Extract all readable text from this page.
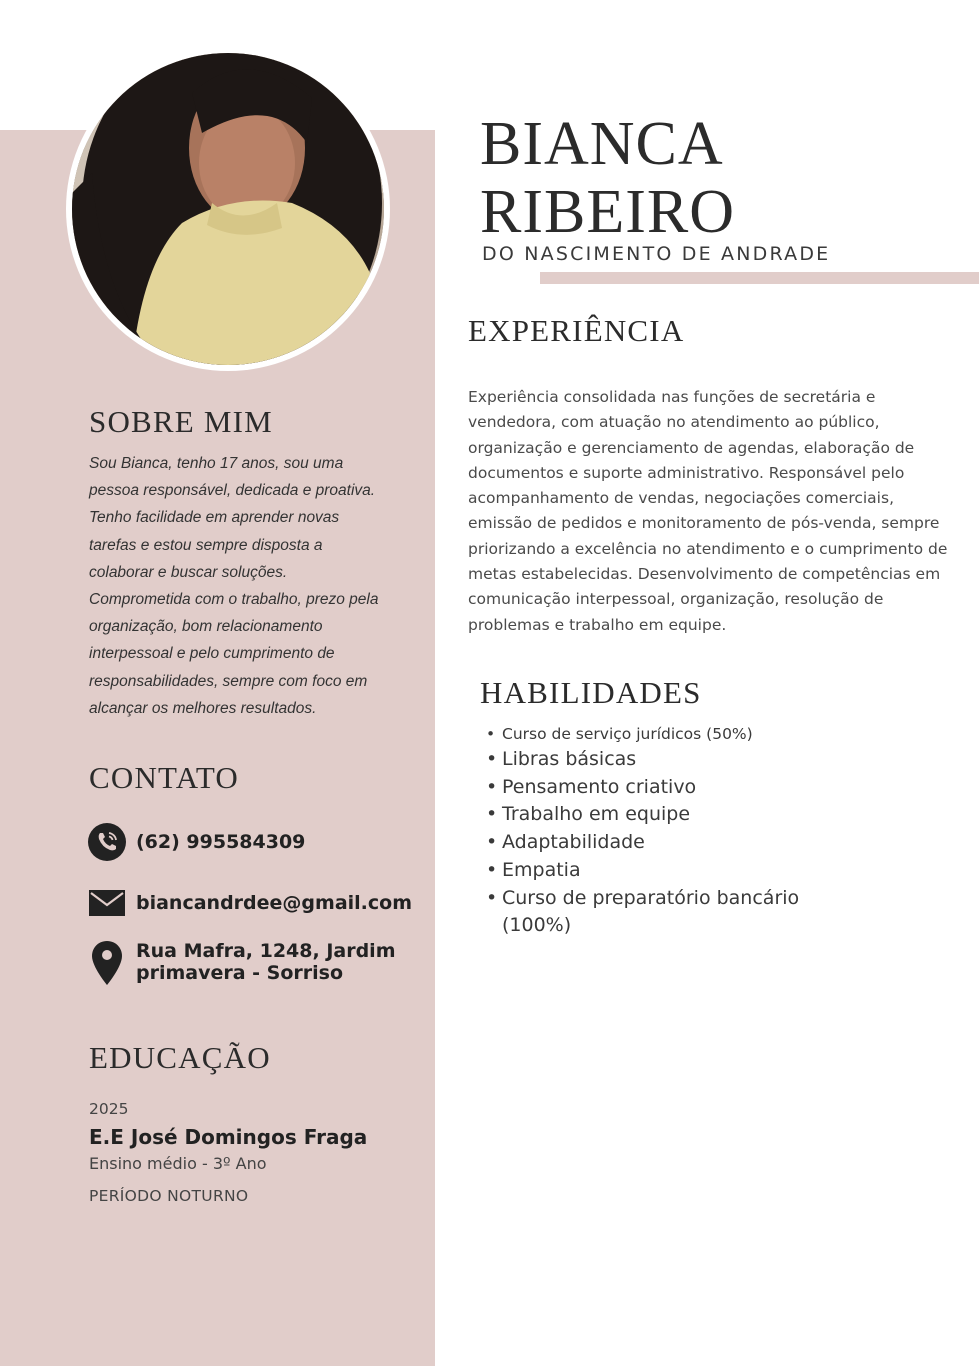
BIANCA
RIBEIRO
DO NASCIMENTO DE ANDRADE
EXPERIÊNCIA

Experiência consolidada nas funções de secretária e vendedora, com atuação no atendimento ao público, organização e gerenciamento de agendas, elaboração de documentos e suporte administrativo. Responsável pelo acompanhamento de vendas, negociações comerciais, emissão de pedidos e monitoramento de pós-venda, sempre priorizando a excelência no atendimento e o cumprimento de metas estabelecidas. Desenvolvimento de competências em comunicação interpessoal, organização, resolução de problemas e trabalho em equipe.

HABILIDADES
• Curso de serviço jurídicos (50%)
• Libras básicas
• Pensamento criativo
• Trabalho em equipe
• Adaptabilidade
• Empatia
• Curso de preparatório bancário (100%)
SOBRE MIM

Sou Bianca, tenho 17 anos, sou uma pessoa responsável, dedicada e proativa. Tenho facilidade em aprender novas tarefas e estou sempre disposta a colaborar e buscar soluções. Comprometida com o trabalho, prezo pela organização, bom relacionamento interpessoal e pelo cumprimento de responsabilidades, sempre com foco em alcançar os melhores resultados.

CONTATO
(62) 995584309
biancandrdee@gmail.com
Rua Mafra, 1248, Jardim primavera - Sorriso
EDUCAÇÃO
2025
E.E José Domingos Fraga
Ensino médio - 3º Ano
PERÍODO NOTURNO
